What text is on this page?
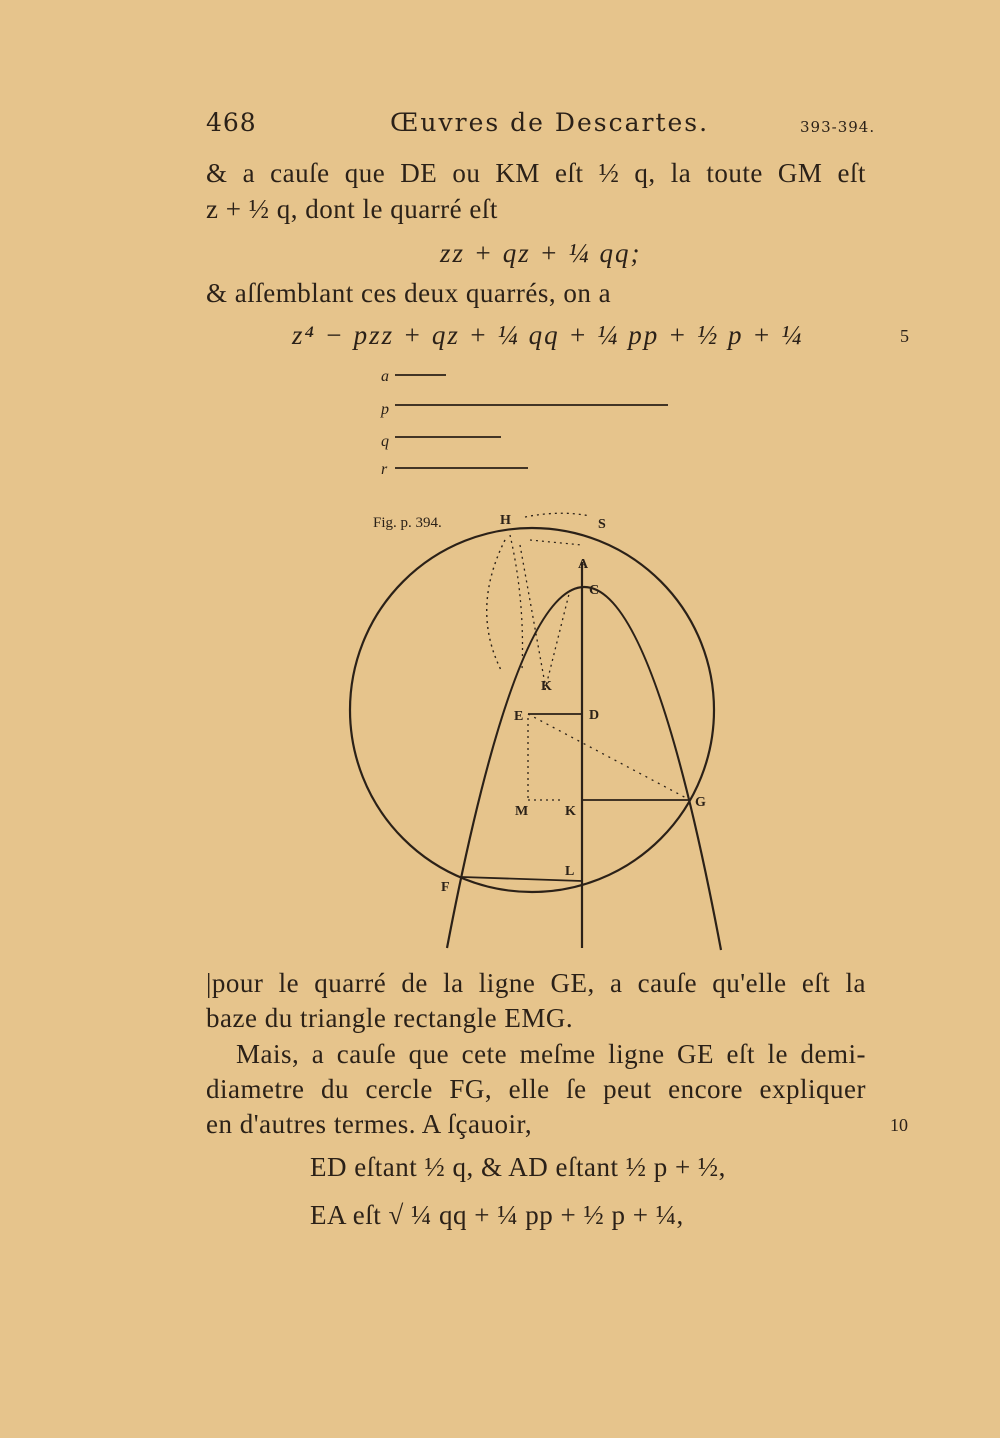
468	Œuvres de Descartes.	393-394.
& a cauſe que DE ou KM eſt ½ q, la toute GM eſt
z + ½ q, dont le quarré eſt
zz + qz + ¼ qq;
& aſſemblant ces deux quarrés, on a
z⁴ − pzz + qz + ¼ qq + ¼ pp + ½ p + ¼	5
a
p
q
r
Fig. p. 394.	H	S
A
C
K
E	D
M	K
G
L
F
|pour le quarré de la ligne GE, a cauſe qu'elle eſt la
baze du triangle rectangle EMG.
Mais, a cauſe que cete meſme ligne GE eſt le demi-
diametre du cercle FG, elle ſe peut encore expliquer
en d'autres termes. A ſçauoir,	10
ED eſtant ½ q, & AD eſtant ½ p + ½,
EA eſt √ ¼ qq + ¼ pp + ½ p + ¼,
